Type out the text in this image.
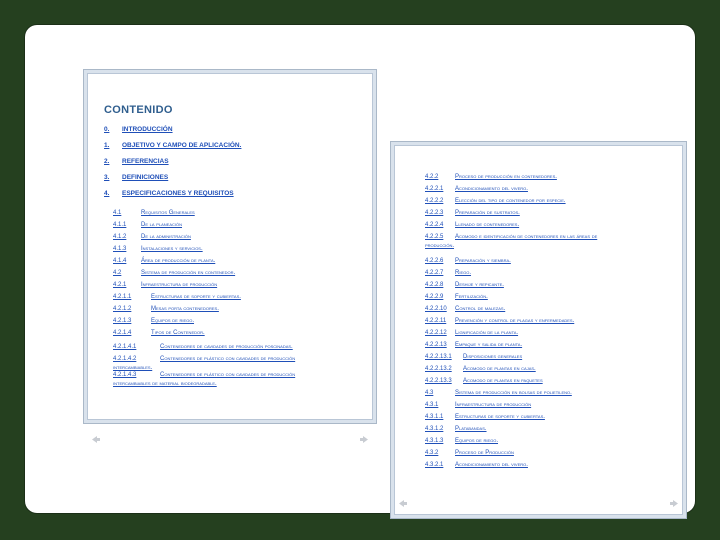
CONTENIDO
0. INTRODUCCIÓN
1. OBJETIVO Y CAMPO DE APLICACIÓN.
2. REFERENCIAS
3. DEFINICIONES
4. ESPECIFICACIONES Y REQUISITOS
4.1	Requisitos Generales
4.1.1 De la planeación
4.1.2 De la administración
4.1.3 Instalaciones y servicios.
4.1.4 Área de producción de planta.
4.2	Sistema de producción en contenedor.
4.2.1 Infraestructura de producción
4.2.1.1	Estructuras de soporte y cubiertas.
4.2.1.2	Mesas porta contenedores.
4.2.1.3	Equipos de riego.
4.2.1.4	Tipos de Contenedor.
4.2.1.4.1	Contenedores de cavidades de producción poscinadas.
4.2.1.4.2	Contenedores de plástico con cavidades de producción
intercambiables.
4.2.1.4.3	Contenedores de plástico con cavidades de producción
intercambiables de material biodegradable.
4.2.2	Proceso de producción en contenedores.
4.2.2.1 Acondicionamiento del vivero.
4.2.2.2 Elección del tipo de contenedor por especie.
4.2.2.3 Preparación de sustratos.
4.2.2.4 Llenado de contenedores.
4.2.2.5 Acomodo e identificación de contenedores en las áreas de
producción.
4.2.2.6 Preparación y siembra.
4.2.2.7 Riego.
4.2.2.8 Deshije y repicante.
4.2.2.9 Fertilización.
4.2.2.10 Control de malezas.
4.2.2.11 Prevención y control de plagas y enfermedades.
4.2.2.12 Lignificación de la planta.
4.2.2.13 Empaque y salida de planta.
4.2.2.13.1 Disposiciones generales
4.2.2.13.2 Acomodo de plantas en cajas.
4.2.2.13.3 Acomodo de plantas en paquetes
4.3	Sistema de producción en bolsas de polietileno.
4.3.1	Infraestructura de producción
4.3.1.1 Estructuras de soporte y cubiertas.
4.3.1.2 Platabandas.
4.3.1.3 Equipos de riego.
4.3.2	Proceso de Producción
4.3.2.1 Acondicionamiento del vivero.
